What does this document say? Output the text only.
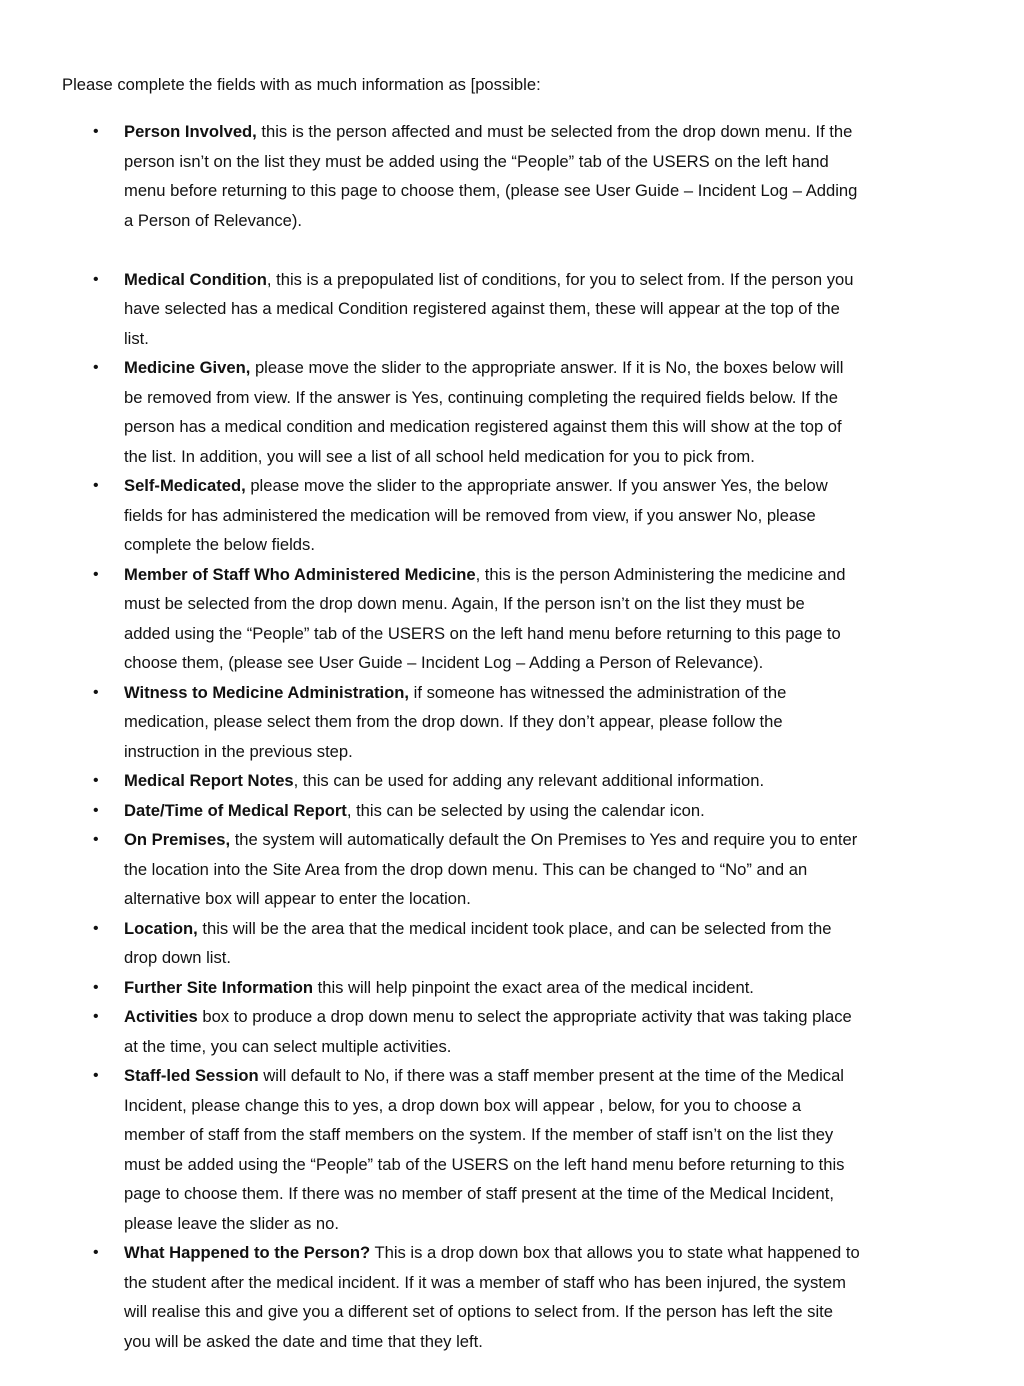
Please complete the fields with as much information as [possible:
• Person Involved, this is the person affected and must be selected from the drop down menu. If the
person isn’t on the list they must be added using the “People” tab of the USERS on the left hand
menu before returning to this page to choose them, (please see User Guide – Incident Log – Adding
a Person of Relevance).
• Medical Condition, this is a prepopulated list of conditions, for you to select from. If the person you
have selected has a medical Condition registered against them, these will appear at the top of the
list.
• Medicine Given, please move the slider to the appropriate answer. If it is No, the boxes below will
be removed from view. If the answer is Yes, continuing completing the required fields below. If the
person has a medical condition and medication registered against them this will show at the top of
the list. In addition, you will see a list of all school held medication for you to pick from.
• Self-Medicated, please move the slider to the appropriate answer. If you answer Yes, the below
fields for has administered the medication will be removed from view, if you answer No, please
complete the below fields.
• Member of Staff Who Administered Medicine, this is the person Administering the medicine and
must be selected from the drop down menu. Again, If the person isn’t on the list they must be
added using the “People” tab of the USERS on the left hand menu before returning to this page to
choose them, (please see User Guide – Incident Log – Adding a Person of Relevance).
• Witness to Medicine Administration, if someone has witnessed the administration of the
medication, please select them from the drop down. If they don’t appear, please follow the
instruction in the previous step.
• Medical Report Notes, this can be used for adding any relevant additional information.
• Date/Time of Medical Report, this can be selected by using the calendar icon.
• On Premises, the system will automatically default the On Premises to Yes and require you to enter
the location into the Site Area from the drop down menu. This can be changed to “No” and an
alternative box will appear to enter the location.
• Location, this will be the area that the medical incident took place, and can be selected from the
drop down list.
• Further Site Information this will help pinpoint the exact area of the medical incident.
• Activities box to produce a drop down menu to select the appropriate activity that was taking place
at the time, you can select multiple activities.
• Staff-led Session will default to No, if there was a staff member present at the time of the Medical
Incident, please change this to yes, a drop down box will appear , below, for you to choose a
member of staff from the staff members on the system. If the member of staff isn’t on the list they
must be added using the “People” tab of the USERS on the left hand menu before returning to this
page to choose them. If there was no member of staff present at the time of the Medical Incident,
please leave the slider as no.
• What Happened to the Person? This is a drop down box that allows you to state what happened to
the student after the medical incident. If it was a member of staff who has been injured, the system
will realise this and give you a different set of options to select from. If the person has left the site
you will be asked the date and time that they left.
